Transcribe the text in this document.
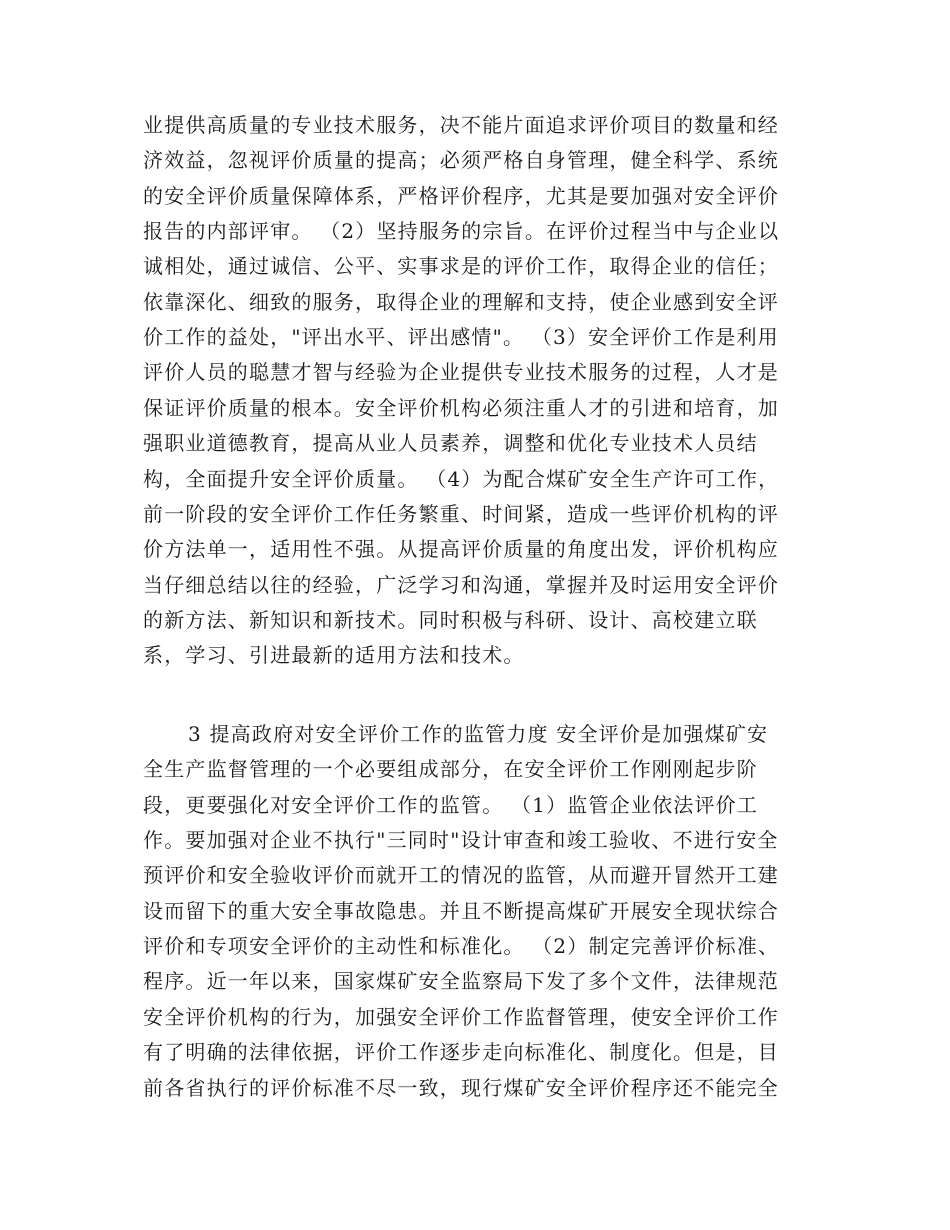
业提供高质量的专业技术服务，决不能片面追求评价项目的数量和经
济效益，忽视评价质量的提高；必须严格自身管理，健全科学、系统
的安全评价质量保障体系，严格评价程序，尤其是要加强对安全评价
报告的内部评审。 （2）坚持服务的宗旨。在评价过程当中与企业以
诚相处，通过诚信、公平、实事求是的评价工作，取得企业的信任；
依靠深化、细致的服务，取得企业的理解和支持，使企业感到安全评
价工作的益处，"评出水平、评出感情"。 （3）安全评价工作是利用
评价人员的聪慧才智与经验为企业提供专业技术服务的过程，人才是
保证评价质量的根本。安全评价机构必须注重人才的引进和培育，加
强职业道德教育，提高从业人员素养，调整和优化专业技术人员结
构，全面提升安全评价质量。 （4）为配合煤矿安全生产许可工作，
前一阶段的安全评价工作任务繁重、时间紧，造成一些评价机构的评
价方法单一，适用性不强。从提高评价质量的角度出发，评价机构应
当仔细总结以往的经验，广泛学习和沟通，掌握并及时运用安全评价
的新方法、新知识和新技术。同时积极与科研、设计、高校建立联
系，学习、引进最新的适用方法和技术。
3 提高政府对安全评价工作的监管力度 安全评价是加强煤矿安
全生产监督管理的一个必要组成部分，在安全评价工作刚刚起步阶
段，更要强化对安全评价工作的监管。 （1）监管企业依法评价工
作。要加强对企业不执行"三同时"设计审查和竣工验收、不进行安全
预评价和安全验收评价而就开工的情况的监管，从而避开冒然开工建
设而留下的重大安全事故隐患。并且不断提高煤矿开展安全现状综合
评价和专项安全评价的主动性和标准化。 （2）制定完善评价标准、
程序。近一年以来，国家煤矿安全监察局下发了多个文件，法律规范
安全评价机构的行为，加强安全评价工作监督管理，使安全评价工作
有了明确的法律依据，评价工作逐步走向标准化、制度化。但是，目
前各省执行的评价标准不尽一致，现行煤矿安全评价程序还不能完全
